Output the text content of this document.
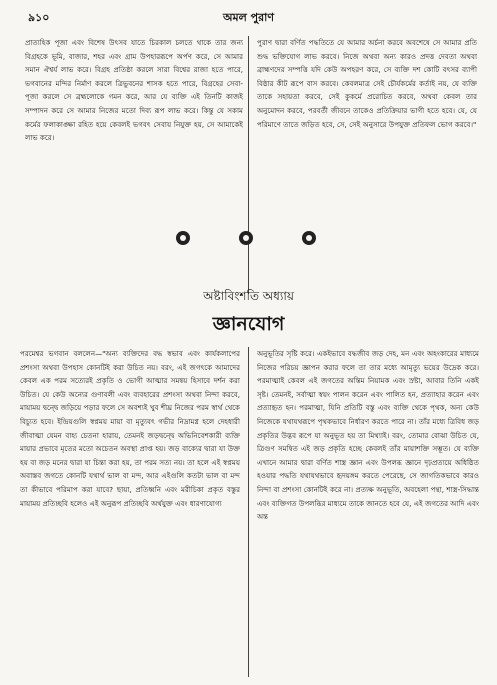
৯১০	অমল পুরাণ
প্রাত্যহিক পূজা এবং বিশেষ উৎসব যাতে চিরকাল চলতে থাকে তার জন্য বিগ্রহকে ভূমি, বাজার, শহর এবং গ্রাম উপহাররূপে অর্পণ করে, সে আমার সমান ঐশ্বর্য লাভ করে। বিগ্রহ প্রতিষ্ঠা করলে সারা বিশ্বের রাজা হতে পারে, ভগবানের মন্দির নির্মাণ করলে ত্রিভুবনের শাসক হতে পারে, বিগ্রহের সেবা-পূজা করলে সে ব্রহ্মলোকে গমন করে, আর যে ব্যক্তি এই তিনটি কাজই সম্পাদন করে সে আমার নিজের মতো দিব্য রূপ লাভ করে। কিন্তু যে সকাম কর্মের ফলাকাঙ্ক্ষা রহিত হয়ে কেবলই ভগবৎ সেবায় নিযুক্ত হয়, সে আমাকেই লাভ করে।
পুরাণ দ্বারা বর্ণিত পদ্ধতিতে যে আমার অর্চনা করবে অবশেষে সে আমার প্রতি শুদ্ধ ভক্তিযোগ লাভ করবে। নিজে অথবা অন্য কারও প্রদত্ত দেবতা অথবা ব্রাহ্মণদের সম্পত্তি যদি কেউ অপহরণ করে, সে ব্যক্তি দশ কোটি বৎসর ব্যাপী বিষ্ঠার কীট রূপে বাস করবে। কেবলমাত্র সেই চৌর্যকর্মের কর্তাই নয়, যে ব্যক্তি তাকে সহায়তা করবে, সেই কুকর্মে প্ররোচিত করবে, অথবা কেবল তার অনুমোদন করবে, পরবর্তী জীবনে তাকেও প্রতিক্রিয়ার ভাগী হতে হবে। যে, যে পরিমাণে তাতে জড়িত হবে, সে, সেই অনুসারে উপযুক্ত প্রতিফল ভোগ করবে।"
অষ্টাবিংশতি অধ্যায়
জ্ঞানযোগ
পরমেশ্বর ভগবান বললেন—"অন্য ব্যক্তিদের বদ্ধ স্বভাব এবং কার্যকলাপের প্রশংসা অথবা উপহাস কোনটিই করা উচিত নয়। বরং, এই জগৎকে আমাদের কেবল এক পরম সত্যেরই প্রকৃতি ও ভোগী আত্মার সমন্বয় হিসাবে দর্শন করা উচিত। যে কেউ অন্যের গুণাবলী এবং ব্যবহারের প্রশংসা অথবা নিন্দা করবে, মায়াময় দ্বন্দ্বে জড়িয়ে পড়ার ফলে সে অবশ্যই খুব শীঘ্র নিজের পরম স্বার্থ থেকে বিচ্যুত হবে। ইন্দ্রিয়গুলি স্বপ্নময় মায়া বা মৃত্যুবৎ গভীর নিদ্রামগ্ন হলে দেহধারী জীবাত্মা যেমন বাহ্য চেতনা হারায়, তেমনই জড়দ্বন্দ্বে অভিনিবেশকারী ব্যক্তি মায়ার প্রভাবে মৃতের মতো অচেতন অবস্থা প্রাপ্ত হয়। জড় বাক্যের দ্বারা যা উক্ত হয় বা জড় মনের দ্বারা যা চিন্তা করা হয়, তা পরম সত্য নয়। তা হলে এই স্বপ্নময় অবাস্তব জগতে কোনটি যথার্থ ভাল বা মন্দ, আর এইগুলি কতটা ভাল বা মন্দ তা কীভাবে পরিমাপ করা যাবে? ছায়া, প্রতিধ্বনি এবং মরীচিকা প্রকৃত বস্তুর মায়াময় প্রতিচ্ছবি হলেও এই অনুরূপ প্রতিচ্ছবি অর্থযুক্ত এবং ধারণাযোগ্য
অনুভূতির সৃষ্টি করে। একইভাবে বদ্ধজীব জড় দেহ, মন এবং অহংকারের মাধ্যমে নিজের পরিচয় জ্ঞাপন করার ফলে তা তার মধ্যে আমৃত্যু ভয়ের উদ্রেক করে। পরমাত্মাই কেবল এই জগতের অন্তিম নিয়ামক এবং স্রষ্টা, আবার তিনি একই সৃষ্ট। তেমনই, সর্বাত্মা স্বয়ং পালন করেন এবং পালিত হন, প্রত্যাহার করেন এবং প্রত্যাহৃত হন। পরমাত্মা, যিনি প্রতিটি বস্তু এবং ব্যক্তি থেকে পৃথক, অন্য কেউ নিজেকে যথাযথরূপে পৃথকভাবে নির্ধারণ করতে পারে না। তাঁর মধ্যে ত্রিবিধ জড় প্রকৃতির উদ্ভব রূপে যা অনুভূত হয় তা মিথ্যাই। বরং, তোমার বোঝা উচিত যে, ত্রিগুণ সমন্বিত এই জড় প্রকৃতি হচ্ছে কেবলই তাঁর মায়াশক্তি সম্ভূত। যে ব্যক্তি এখানে আমার দ্বারা বর্ণিত শাস্ত্র জ্ঞান এবং উপলব্ধ জ্ঞানে দৃঢ়প্রত্যয়ে অধিষ্ঠিত হওয়ার পদ্ধতি যথাযথভাবে হৃদয়ঙ্গম করতে পেরেছে, সে জাগতিকভাবে কারও নিন্দা বা প্রশংসা কোনটিই করে না। প্রত্যক্ষ অনুভূতি, অবহেলা পন্থা, শাস্ত্র-সিদ্ধান্ত এবং ব্যক্তিগত উপলব্ধির মাধ্যমে তাকে জানতে হবে যে, এই জগতের আদি এবং অন্ত
